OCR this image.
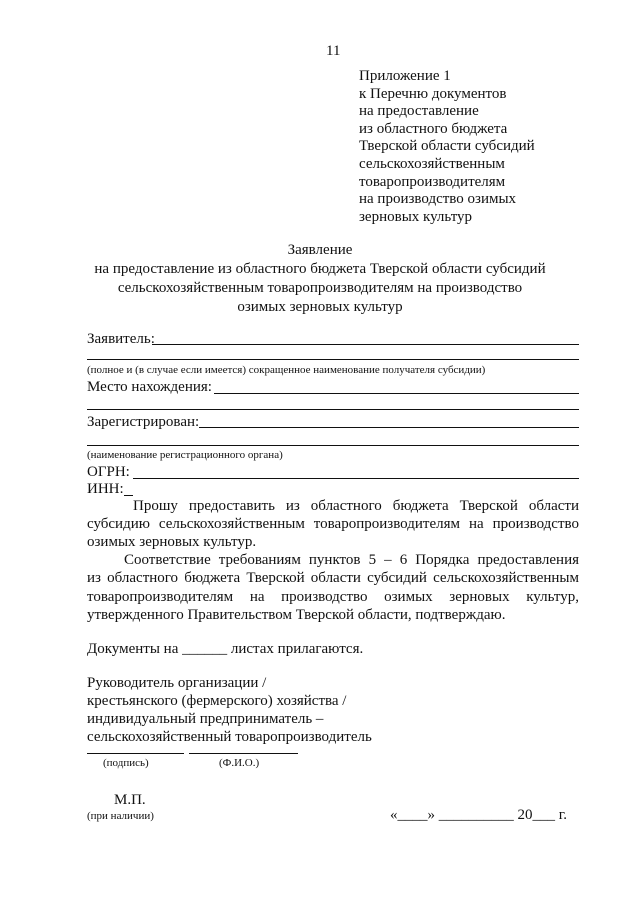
11
Приложение 1
к Перечню документов
на предоставление
из областного бюджета
Тверской области субсидий
сельскохозяйственным
товаропроизводителям
на производство озимых
зерновых культур
Заявление
на предоставление из областного бюджета Тверской области субсидий
сельскохозяйственным товаропроизводителям на производство
озимых зерновых культур
Заявитель:
(полное и (в случае если имеется) сокращенное наименование получателя субсидии)
Место нахождения:
Зарегистрирован:
(наименование регистрационного органа)
ОГРН:
ИНН:
Прошу предоставить из областного бюджета Тверской области
субсидию сельскохозяйственным товаропроизводителям на производство
озимых зерновых культур.
Соответствие требованиям пунктов 5 – 6 Порядка предоставления
из областного бюджета Тверской области субсидий сельскохозяйственным
товаропроизводителям на производство озимых зерновых культур,
утвержденного Правительством Тверской области, подтверждаю.
Документы на ______ листах прилагаются.
Руководитель организации /
крестьянского (фермерского) хозяйства /
индивидуальный предприниматель –
сельскохозяйственный товаропроизводитель
(подпись)	(Ф.И.О.)
М.П.
(при наличии)	«____» __________ 20___ г.
